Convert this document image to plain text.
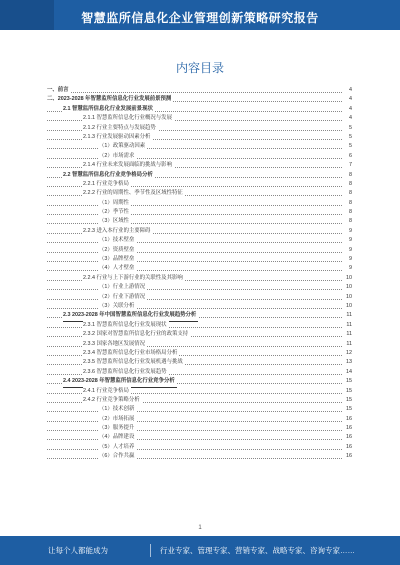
智慧监所信息化企业管理创新策略研究报告
内容目录
一、前言	4
二、2023-2028 年智慧监所信息化行业发展前景预测	4
2.1 智慧监所信息化行业发展前景现状	4
2.1.1 智慧监所信息化行业概况与发展	4
2.1.2 行业主要特点与发展趋势	5
2.1.3 行业发展驱动因素分析	5
（1）政策驱动因素	5
（2）市场需求	6
2.1.4 行业未来发展面临的挑战与影响	7
2.2 智慧监所信息化行业竞争格局分析	8
2.2.1 行业竞争格局	8
2.2.2 行业的周期性、季节性及区域性特征	8
（1）周期性	8
（2）季节性	8
（3）区域性	8
2.2.3 进入本行业的主要障碍	9
（1）技术壁垒	9
（2）资质壁垒	9
（3）品牌壁垒	9
（4）人才壁垒	9
2.2.4 行业与上下游行业的关联性及其影响	10
（1）行业上游情况	10
（2）行业下游情况	10
（3）关联分析	10
2.3 2023-2028 年中国智慧监所信息化行业发展趋势分析	11
2.3.1 智慧监所信息化行业发展现状	11
2.3.2 国家对智慧监所信息化行业的政策支持	11
2.3.3 国家各地区发展情况	11
2.3.4 智慧监所信息化行业市场格局分析	12
2.3.5 智慧监所信息化行业发展机遇与挑战	13
2.3.6 智慧监所信息化行业发展趋势	14
2.4 2023-2028 年智慧监所信息化行业竞争分析	15
2.4.1 行业竞争格局	15
2.4.2 行业竞争策略分析	15
（1）技术创新	15
（2）市场拓展	16
（3）服务提升	16
（4）品牌建设	16
（5）人才培养	16
（6）合作共赢	16
1
让每个人都能成为	行业专家、管理专家、营销专家、战略专家、咨询专家……
